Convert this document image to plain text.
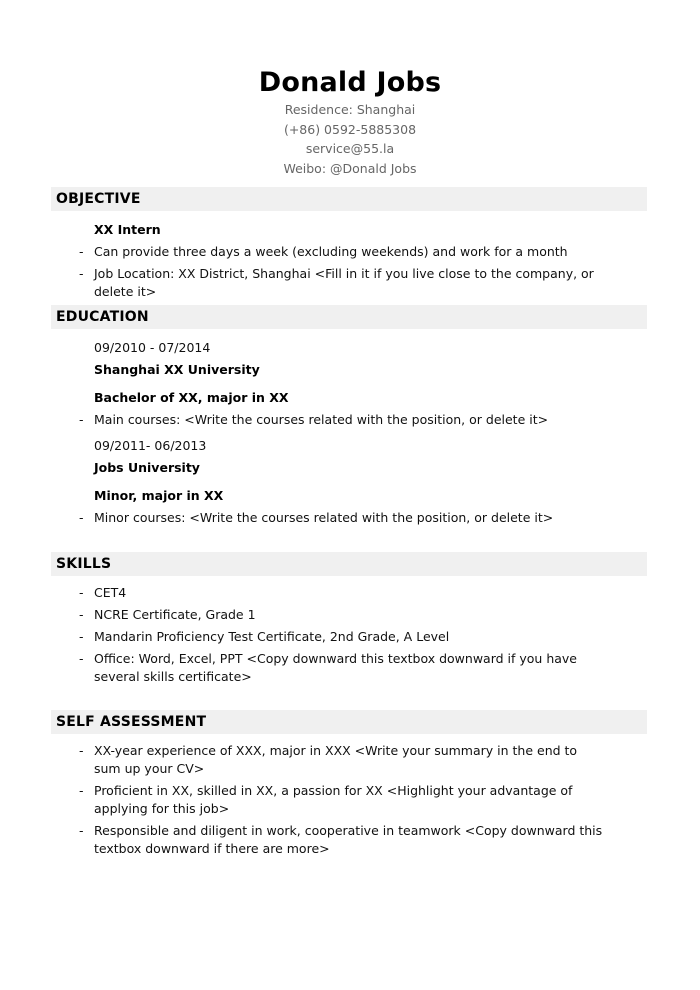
Donald Jobs
Residence: Shanghai
(+86) 0592-5885308
service@55.la
Weibo: @Donald Jobs
OBJECTIVE
XX Intern
- Can provide three days a week (excluding weekends) and work for a month
- Job Location: XX District, Shanghai <Fill in it if you live close to the company, or delete it>
EDUCATION
09/2010 - 07/2014
Shanghai XX University
Bachelor of XX, major in XX
- Main courses: <Write the courses related with the position, or delete it>
09/2011- 06/2013
Jobs University
Minor, major in XX
- Minor courses: <Write the courses related with the position, or delete it>
SKILLS
- CET4
- NCRE Certificate, Grade 1
- Mandarin Proficiency Test Certificate, 2nd Grade, A Level
- Office: Word, Excel, PPT <Copy downward this textbox downward if you have several skills certificate>
SELF ASSESSMENT
- XX-year experience of XXX, major in XXX <Write your summary in the end to sum up your CV>
- Proficient in XX, skilled in XX, a passion for XX <Highlight your advantage of applying for this job>
- Responsible and diligent in work, cooperative in teamwork <Copy downward this textbox downward if there are more>
